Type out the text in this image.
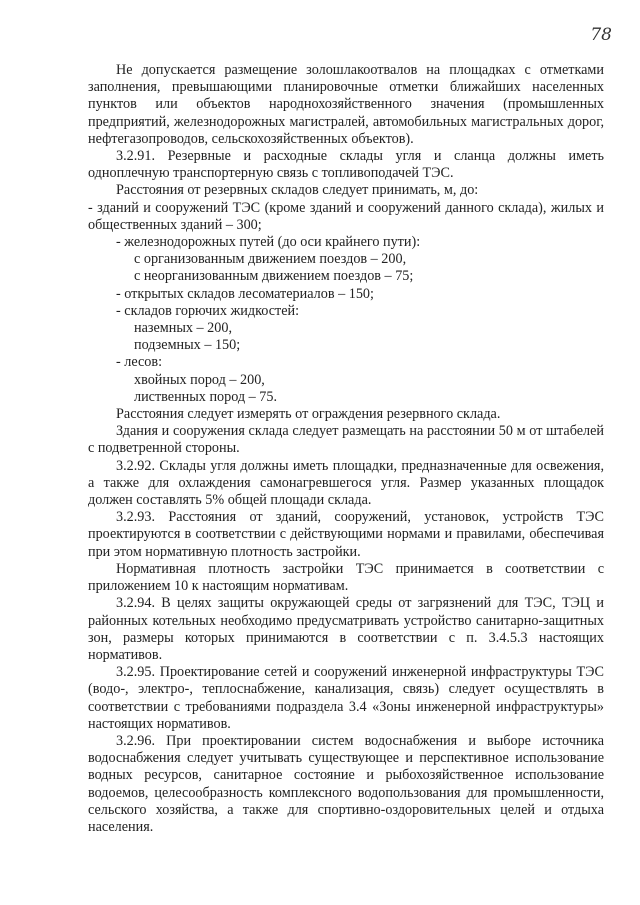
78

Не допускается размещение золошлакоотвалов на площадках с отметками заполнения, превышающими планировочные отметки ближайших населенных пунктов или объектов народнохозяйственного значения (промышленных предприятий, железнодорожных магистралей, автомобильных магистральных дорог, нефтегазопроводов, сельскохозяйственных объектов).

3.2.91. Резервные и расходные склады угля и сланца должны иметь одноплечную транспортерную связь с топливоподачей ТЭС.

Расстояния от резервных складов следует принимать, м, до:

- зданий и сооружений ТЭС (кроме зданий и сооружений данного склада), жилых и общественных зданий – 300;

- железнодорожных путей (до оси крайнего пути):

с организованным движением поездов – 200,

с неорганизованным движением поездов – 75;

- открытых складов лесоматериалов – 150;

- складов горючих жидкостей:

наземных – 200,

подземных – 150;

- лесов:

хвойных пород – 200,

лиственных пород – 75.

Расстояния следует измерять от ограждения резервного склада.

Здания и сооружения склада следует размещать на расстоянии 50 м от штабелей с подветренной стороны.

3.2.92. Склады угля должны иметь площадки, предназначенные для освежения, а также для охлаждения самонагревшегося угля. Размер указанных площадок должен составлять 5% общей площади склада.

3.2.93. Расстояния от зданий, сооружений, установок, устройств ТЭС проектируются в соответствии с действующими нормами и правилами, обеспечивая при этом нормативную плотность застройки.

Нормативная плотность застройки ТЭС принимается в соответствии с приложением 10 к настоящим нормативам.

3.2.94. В целях защиты окружающей среды от загрязнений для ТЭС, ТЭЦ и районных котельных необходимо предусматривать устройство санитарно-защитных зон, размеры которых принимаются в соответствии с п. 3.4.5.3 настоящих нормативов.

3.2.95. Проектирование сетей и сооружений инженерной инфраструктуры ТЭС (водо-, электро-, теплоснабжение, канализация, связь) следует осуществлять в соответствии с требованиями подраздела 3.4 «Зоны инженерной инфраструктуры» настоящих нормативов.

3.2.96. При проектировании систем водоснабжения и выборе источника водоснабжения следует учитывать существующее и перспективное использование водных ресурсов, санитарное состояние и рыбохозяйственное использование водоемов, целесообразность комплексного водопользования для промышленности, сельского хозяйства, а также для спортивно-оздоровительных целей и отдыха населения.
